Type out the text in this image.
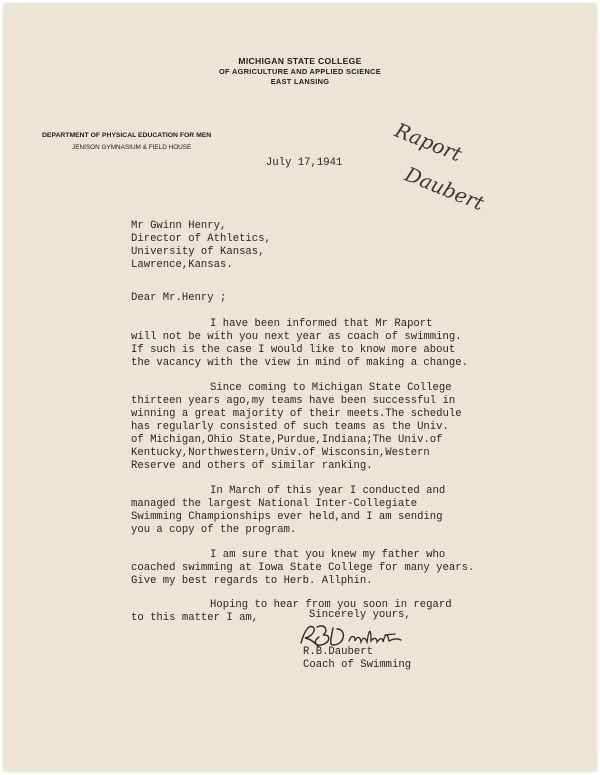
MICHIGAN STATE COLLEGE
OF AGRICULTURE AND APPLIED SCIENCE
EAST LANSING
DEPARTMENT OF PHYSICAL EDUCATION FOR MEN
JENISON GYMNASIUM & FIELD HOUSE	Raport
Daubert
July 17,1941
Mr Gwinn Henry,
Director of Athletics,
University of Kansas,
Lawrence,Kansas.
Dear Mr.Henry ;
I have been informed that Mr Raport
will not be with you next year as coach of swimming.
If such is the case I would like to know more about
the vacancy with the view in mind of making a change.
Since coming to Michigan State College
thirteen years ago,my teams have been successful in
winning a great majority of their meets.The schedule
has regularly consisted of such teams as the Univ.
of Michigan,Ohio State,Purdue,Indiana;The Univ.of
Kentucky,Northwestern,Univ.of Wisconsin,Western
Reserve and others of similar ranking.
In March of this year I conducted and
managed the largest National Inter-Collegiate
Swimming Championships ever held,and I am sending
you a copy of the program.
I am sure that you knew my father who
coached swimming at Iowa State College for many years.
Give my best regards to Herb. Allphin.
Hoping to hear from you soon in regard
to this matter I am,	Sincerely yours,
R.B.Daubert
Coach of Swimming
